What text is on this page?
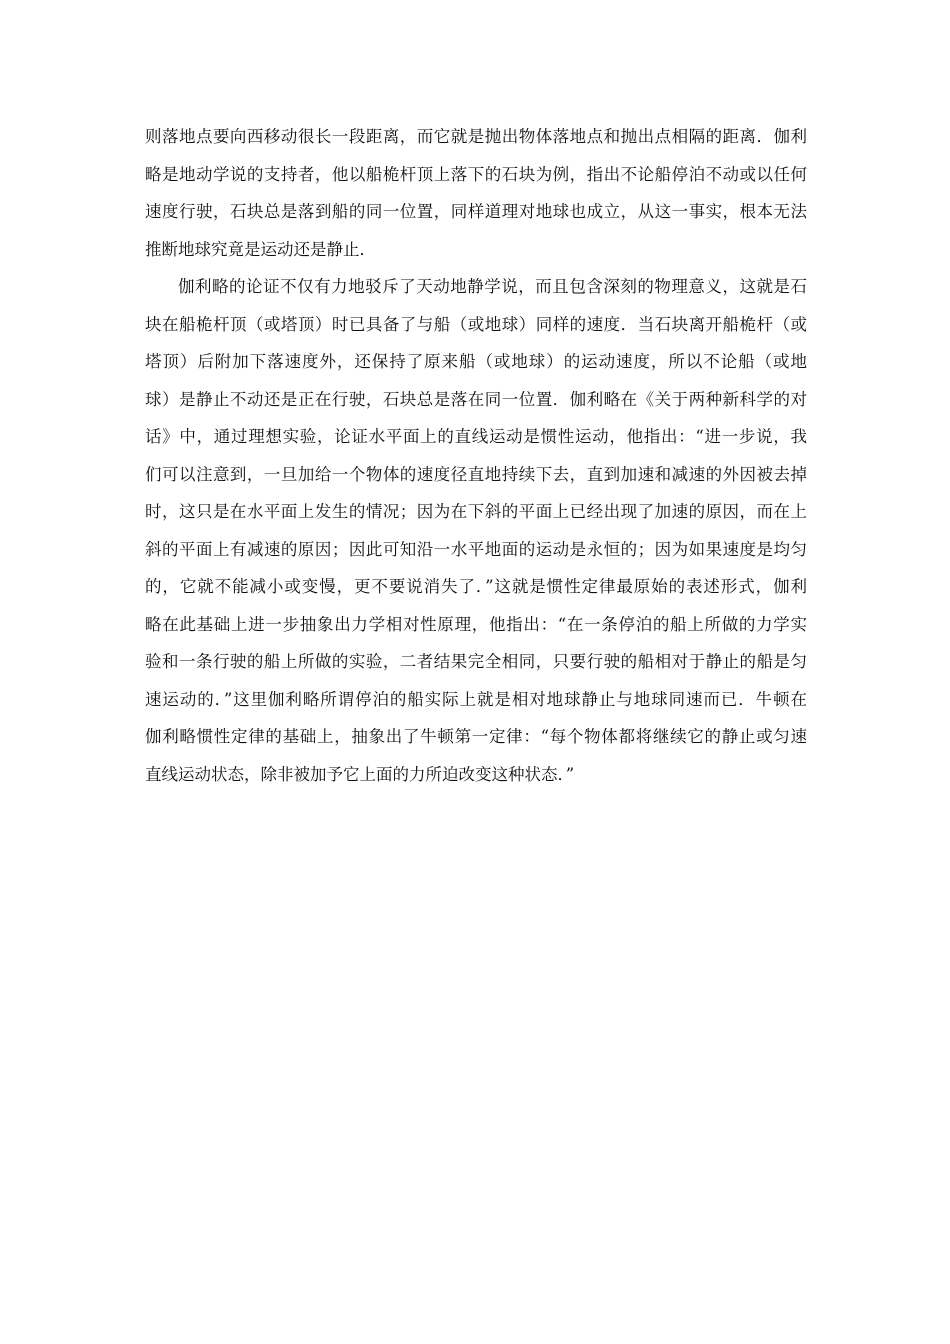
则落地点要向西移动很长一段距离，而它就是抛出物体落地点和抛出点相隔的距离．伽利
略是地动学说的支持者，他以船桅杆顶上落下的石块为例，指出不论船停泊不动或以任何
速度行驶，石块总是落到船的同一位置，同样道理对地球也成立，从这一事实，根本无法
推断地球究竟是运动还是静止．
伽利略的论证不仅有力地驳斥了天动地静学说，而且包含深刻的物理意义，这就是石
块在船桅杆顶（或塔顶）时已具备了与船（或地球）同样的速度．当石块离开船桅杆（或
塔顶）后附加下落速度外，还保持了原来船（或地球）的运动速度，所以不论船（或地
球）是静止不动还是正在行驶，石块总是落在同一位置．伽利略在《关于两种新科学的对
话》中，通过理想实验，论证水平面上的直线运动是惯性运动，他指出：“进一步说，我
们可以注意到，一旦加给一个物体的速度径直地持续下去，直到加速和减速的外因被去掉
时，这只是在水平面上发生的情况；因为在下斜的平面上已经出现了加速的原因，而在上
斜的平面上有减速的原因；因此可知沿一水平地面的运动是永恒的；因为如果速度是均匀
的，它就不能减小或变慢，更不要说消失了．”这就是惯性定律最原始的表述形式，伽利
略在此基础上进一步抽象出力学相对性原理，他指出：“在一条停泊的船上所做的力学实
验和一条行驶的船上所做的实验，二者结果完全相同，只要行驶的船相对于静止的船是匀
速运动的．”这里伽利略所谓停泊的船实际上就是相对地球静止与地球同速而已．牛顿在
伽利略惯性定律的基础上，抽象出了牛顿第一定律：“每个物体都将继续它的静止或匀速
直线运动状态，除非被加予它上面的力所迫改变这种状态．”
